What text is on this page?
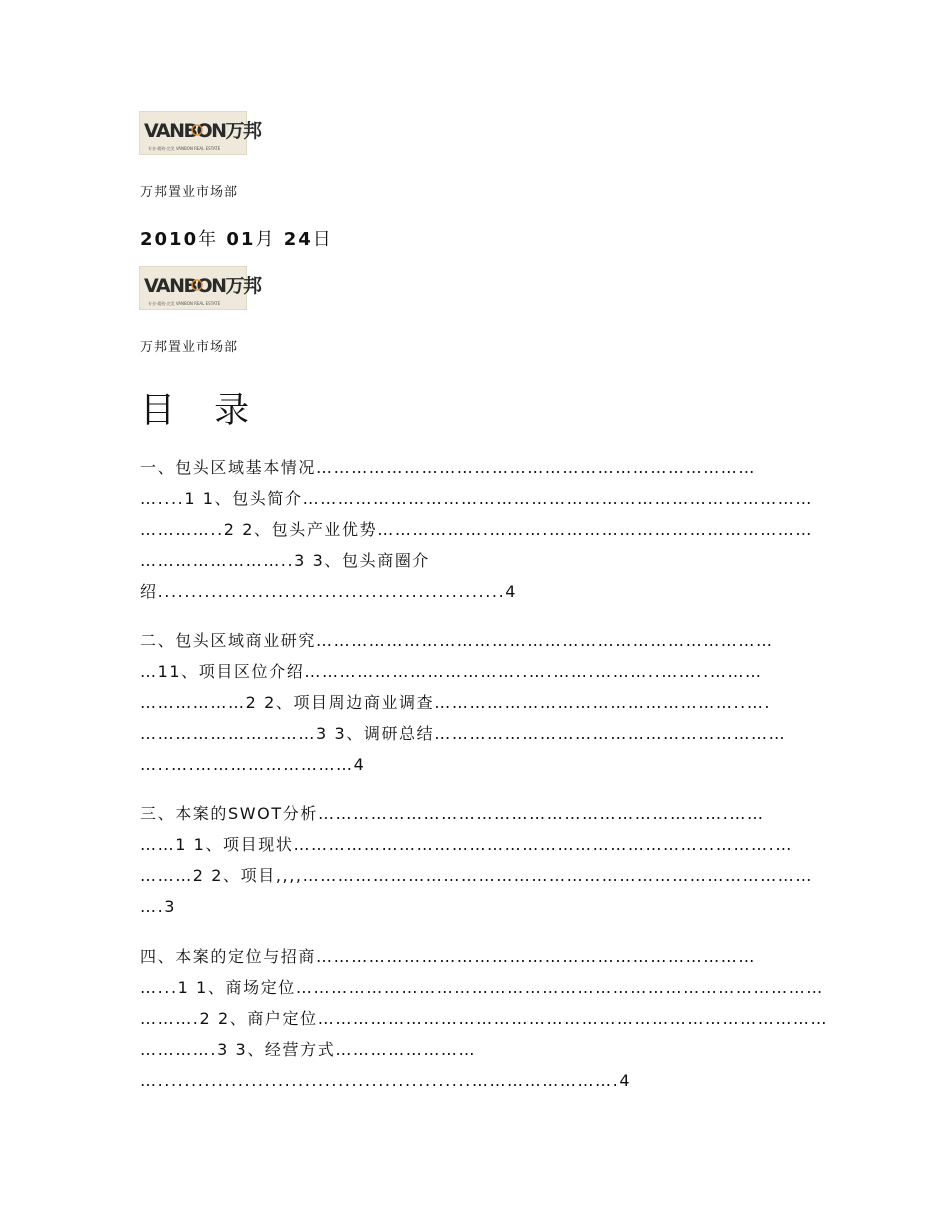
VANBON万邦
专业·精致·完美 VANBON REAL ESTATE
万邦置业市场部
2010年 01月 24日
VANBON万邦
专业·精致·完美 VANBON REAL ESTATE
万邦置业市场部
目 录
一、包头区域基本情况…………………………………………………………………
…....1 1、包头简介……………………………………………………………………………
…………..2 2、包头产业优势……………….……….………………………………………
……………………..3 3、包头商圈介
绍....................................................4
二、包头区域商业研究……………………………………………………………………
…11、项目区位介绍………………………………..….…….………..……..………
………………2 2、项目周边商业调查……………………………………………..….
…………………………3 3、调研总结……………………………………………………
…..….………………………4
三、本案的SWOT分析…………………………………………………………….……
……1 1、项目现状……………………………………………………………………….…
………2 2、项目,,,,……………………………………………………………………………
….3
四、本案的定位与招商…………………………………………………………………
…...1 1、商场定位………………………………………………………………………………
……….2 2、商户定位……………………………………………………………………………
………….3 3、经营方式……………………
…...............................................…………………….4
